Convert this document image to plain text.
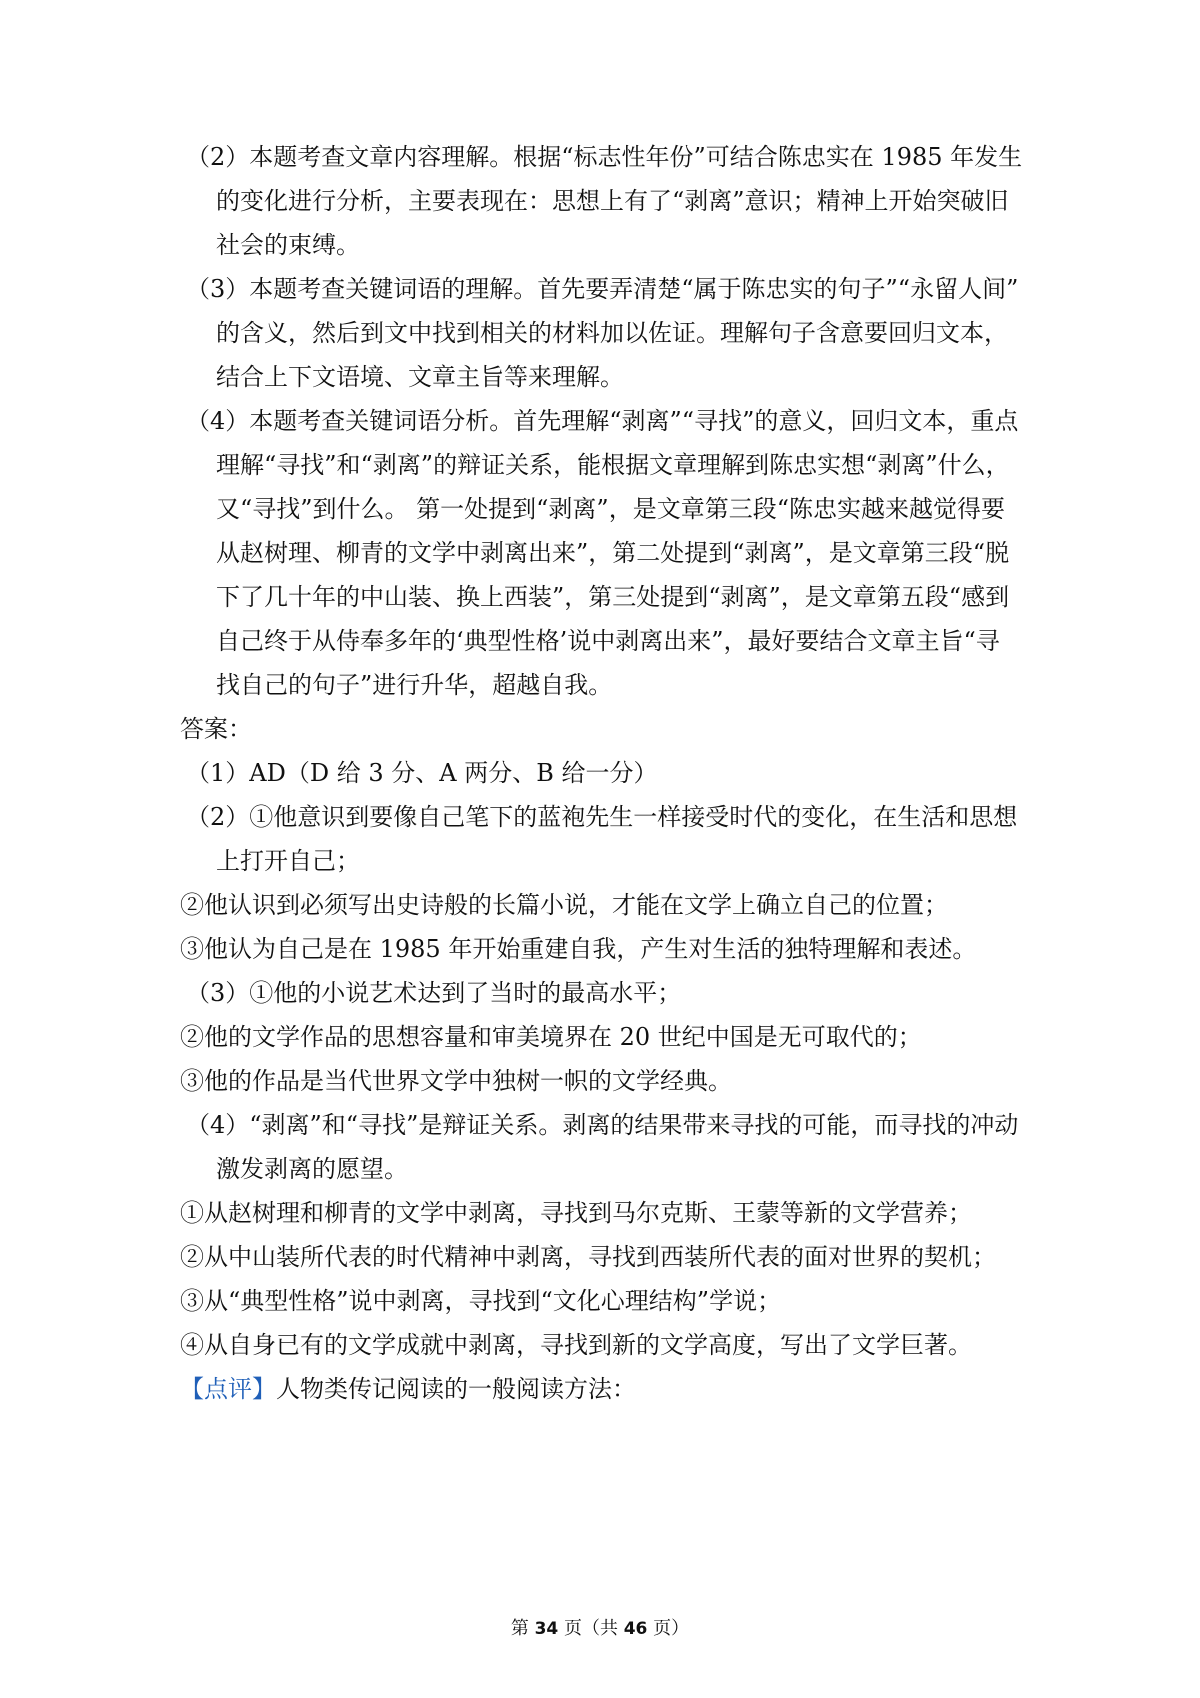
（2）本题考查文章内容理解。根据“标志性年份”可结合陈忠实在 1985 年发生
的变化进行分析，主要表现在：思想上有了“剥离”意识；精神上开始突破旧
社会的束缚。
（3）本题考查关键词语的理解。首先要弄清楚“属于陈忠实的句子”“永留人间”
的含义，然后到文中找到相关的材料加以佐证。理解句子含意要回归文本，
结合上下文语境、文章主旨等来理解。
（4）本题考查关键词语分析。首先理解“剥离”“寻找”的意义，回归文本，重点
理解“寻找”和“剥离”的辩证关系，能根据文章理解到陈忠实想“剥离”什么，
又“寻找”到什么。 第一处提到“剥离”，是文章第三段“陈忠实越来越觉得要
从赵树理、柳青的文学中剥离出来”，第二处提到“剥离”，是文章第三段“脱
下了几十年的中山装、换上西装”，第三处提到“剥离”，是文章第五段“感到
自己终于从侍奉多年的‘典型性格’说中剥离出来”，最好要结合文章主旨“寻
找自己的句子”进行升华，超越自我。
答案：
（1）AD（D 给 3 分、A 两分、B 给一分）
（2）①他意识到要像自己笔下的蓝袍先生一样接受时代的变化，在生活和思想
上打开自己；
②他认识到必须写出史诗般的长篇小说，才能在文学上确立自己的位置；
③他认为自己是在 1985 年开始重建自我，产生对生活的独特理解和表述。
（3）①他的小说艺术达到了当时的最高水平；
②他的文学作品的思想容量和审美境界在 20 世纪中国是无可取代的；
③他的作品是当代世界文学中独树一帜的文学经典。
（4）“剥离”和“寻找”是辩证关系。剥离的结果带来寻找的可能，而寻找的冲动
激发剥离的愿望。
①从赵树理和柳青的文学中剥离，寻找到马尔克斯、王蒙等新的文学营养；
②从中山装所代表的时代精神中剥离，寻找到西装所代表的面对世界的契机；
③从“典型性格”说中剥离，寻找到“文化心理结构”学说；
④从自身已有的文学成就中剥离，寻找到新的文学高度，写出了文学巨著。
【点评】人物类传记阅读的一般阅读方法：
第 34 页（共 46 页）
